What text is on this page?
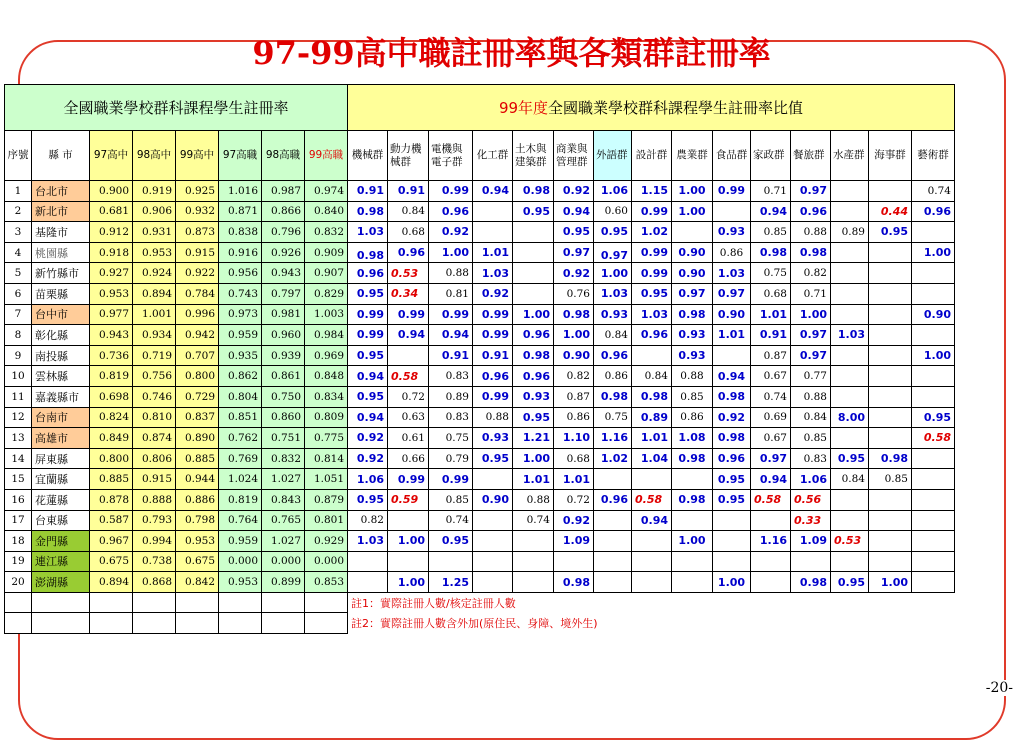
97-99高中職註冊率與各類群註冊率
全國職業學校群科課程學生註冊率								99年度全國職業學校群科課程學生註冊率比值														
序號	縣 市	97高中	98高中	99高中	97高職	98高職	99高職	機械群	動力機械群	電機與電子群	化工群	土木與建築群	商業與管理群	外語群	設計群	農業群	食品群	家政群	餐旅群	水產群	海事群	藝術群
1	台北市	0.900	0.919	0.925	1.016	0.987	0.974	0.91	0.91	0.99	0.94	0.98	0.92	1.06	1.15	1.00	0.99	0.71	0.97			0.74
2	新北市	0.681	0.906	0.932	0.871	0.866	0.840	0.98	0.84	0.96		0.95	0.94	0.60	0.99	1.00		0.94	0.96		0.44	0.96
3	基隆市	0.912	0.931	0.873	0.838	0.796	0.832	1.03	0.68	0.92			0.95	0.95	1.02		0.93	0.85	0.88	0.89	0.95	
4	桃園縣	0.918	0.953	0.915	0.916	0.926	0.909	0.98	0.96	1.00	1.01		0.97	0.97	0.99	0.90	0.86	0.98	0.98			1.00
5	新竹縣市	0.927	0.924	0.922	0.956	0.943	0.907	0.96	0.53	0.88	1.03		0.92	1.00	0.99	0.90	1.03	0.75	0.82			
6	苗栗縣	0.953	0.894	0.784	0.743	0.797	0.829	0.95	0.34	0.81	0.92		0.76	1.03	0.95	0.97	0.97	0.68	0.71			
7	台中市	0.977	1.001	0.996	0.973	0.981	1.003	0.99	0.99	0.99	0.99	1.00	0.98	0.93	1.03	0.98	0.90	1.01	1.00			0.90
8	彰化縣	0.943	0.934	0.942	0.959	0.960	0.984	0.99	0.94	0.94	0.99	0.96	1.00	0.84	0.96	0.93	1.01	0.91	0.97	1.03		
9	南投縣	0.736	0.719	0.707	0.935	0.939	0.969	0.95		0.91	0.91	0.98	0.90	0.96		0.93		0.87	0.97			1.00
10	雲林縣	0.819	0.756	0.800	0.862	0.861	0.848	0.94	0.58	0.83	0.96	0.96	0.82	0.86	0.84	0.88	0.94	0.67	0.77			
11	嘉義縣市	0.698	0.746	0.729	0.804	0.750	0.834	0.95	0.72	0.89	0.99	0.93	0.87	0.98	0.98	0.85	0.98	0.74	0.88			
12	台南市	0.824	0.810	0.837	0.851	0.860	0.809	0.94	0.63	0.83	0.88	0.95	0.86	0.75	0.89	0.86	0.92	0.69	0.84	8.00		0.95
13	高雄市	0.849	0.874	0.890	0.762	0.751	0.775	0.92	0.61	0.75	0.93	1.21	1.10	1.16	1.01	1.08	0.98	0.67	0.85			0.58
14	屏東縣	0.800	0.806	0.885	0.769	0.832	0.814	0.92	0.66	0.79	0.95	1.00	0.68	1.02	1.04	0.98	0.96	0.97	0.83	0.95	0.98	
15	宜蘭縣	0.885	0.915	0.944	1.024	1.027	1.051	1.06	0.99	0.99		1.01	1.01				0.95	0.94	1.06	0.84	0.85	
16	花蓮縣	0.878	0.888	0.886	0.819	0.843	0.879	0.95	0.59	0.85	0.90	0.88	0.72	0.96	0.58	0.98	0.95	0.58	0.56			
17	台東縣	0.587	0.793	0.798	0.764	0.765	0.801	0.82		0.74		0.74	0.92		0.94				0.33			
18	金門縣	0.967	0.994	0.953	0.959	1.027	0.929	1.03	1.00	0.95			1.09			1.00		1.16	1.09	0.53		
19	連江縣	0.675	0.738	0.675	0.000	0.000	0.000															
20	澎湖縣	0.894	0.868	0.842	0.953	0.899	0.853		1.00	1.25			0.98				1.00		0.98	0.95	1.00	
								註1：實際註冊人數/核定註冊人數														
								註2：實際註冊人數含外加(原住民、身障、境外生)														
-20-
